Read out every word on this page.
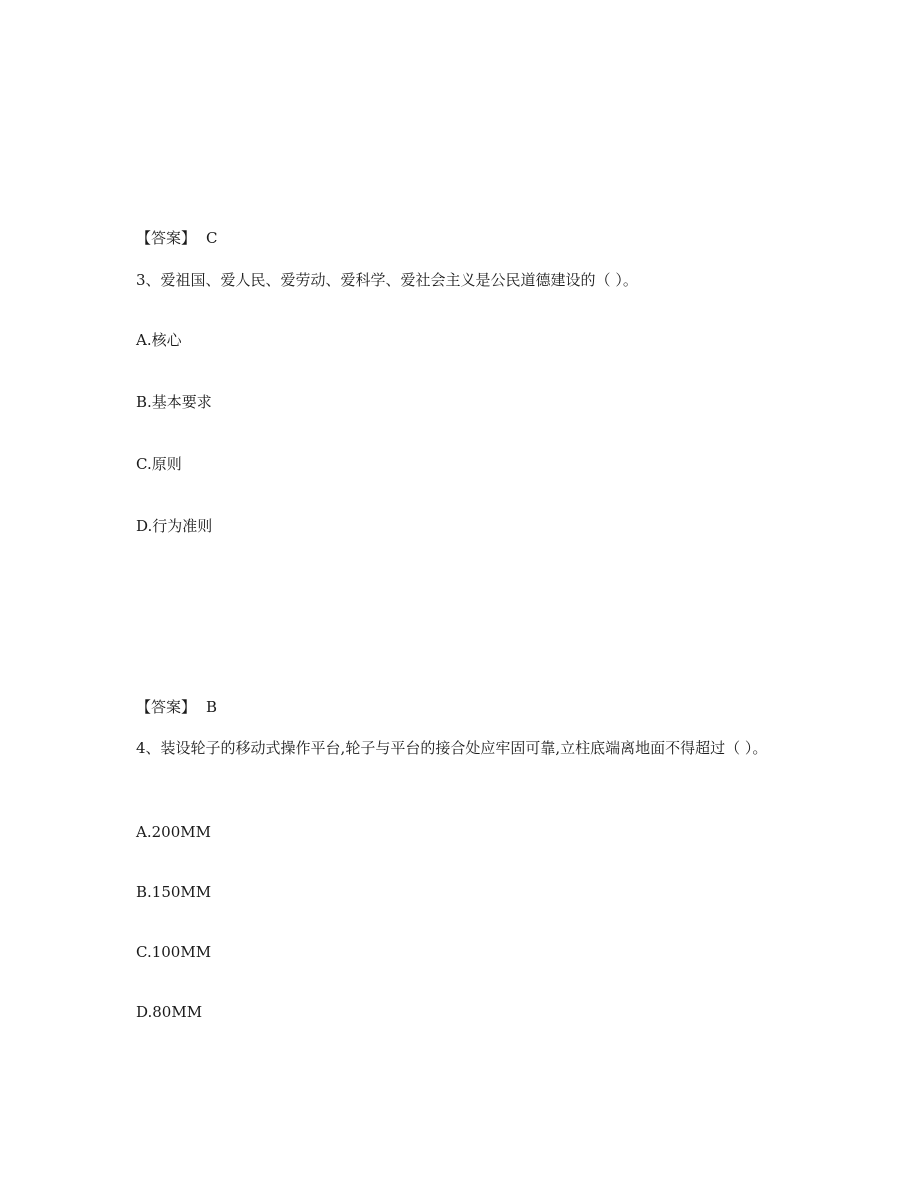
【答案】 C
3、爱祖国、爱人民、爱劳动、爱科学、爱社会主义是公民道德建设的（ ）。
A.核心
B.基本要求
C.原则
D.行为准则
【答案】 B
4、装设轮子的移动式操作平台,轮子与平台的接合处应牢固可靠,立柱底端离地面不得超过（ ）。
A.200MM
B.150MM
C.100MM
D.80MM
